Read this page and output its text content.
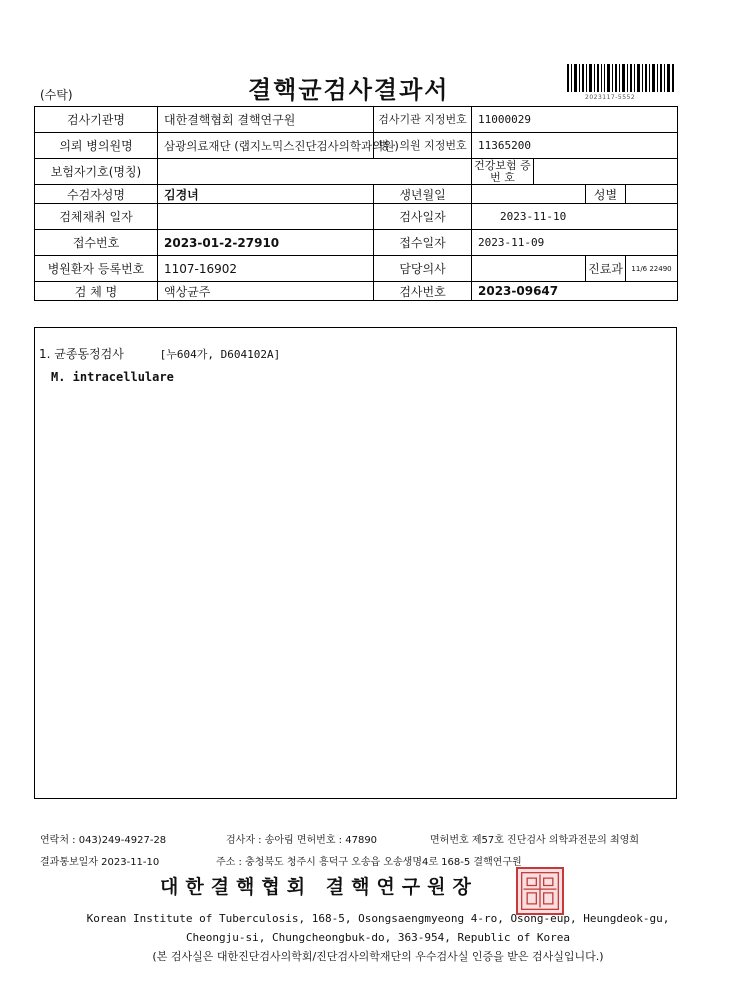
(수탁)	결핵균검사결과서	2023117-5552
검사기관명	대한결핵협회 결핵연구원	검사기관 지정번호	11000029			
의뢰 병의원명	삼광의료재단 (랩지노믹스진단검사의학과의원)	병 · 의원 지정번호	11365200			
보험자기호(명칭)			건강보험 증 번 호			
수검자성명	김경녀	생년월일			성별	
검체채취 일자		검사일자	2023-11-10			
접수번호	2023-01-2-27910	접수일자	2023-11-09			
병원환자 등록번호	1107-16902	담당의사			진료과	11/6 22490
검 체 명	액상균주	검사번호	2023-09647			
1. 균종동정검사	[누604가, D604102A]
M. intracellulare
연락처 : 043)249-4927-28	검사자 : 송아림 면허번호 : 47890	면허번호 제57호 진단검사 의학과전문의 최영희
결과통보일자 2023-11-10	주소 : 충청북도 청주시 흥덕구 오송읍 오송생명4로 168-5 결핵연구원
대한결핵협회 결핵연구원장
Korean Institute of Tuberculosis, 168-5, Osongsaengmyeong 4-ro, Osong-eup, Heungdeok-gu,
Cheongju-si, Chungcheongbuk-do, 363-954, Republic of Korea
(본 검사실은 대한진단검사의학회/진단검사의학재단의 우수검사실 인증을 받은 검사실입니다.)
